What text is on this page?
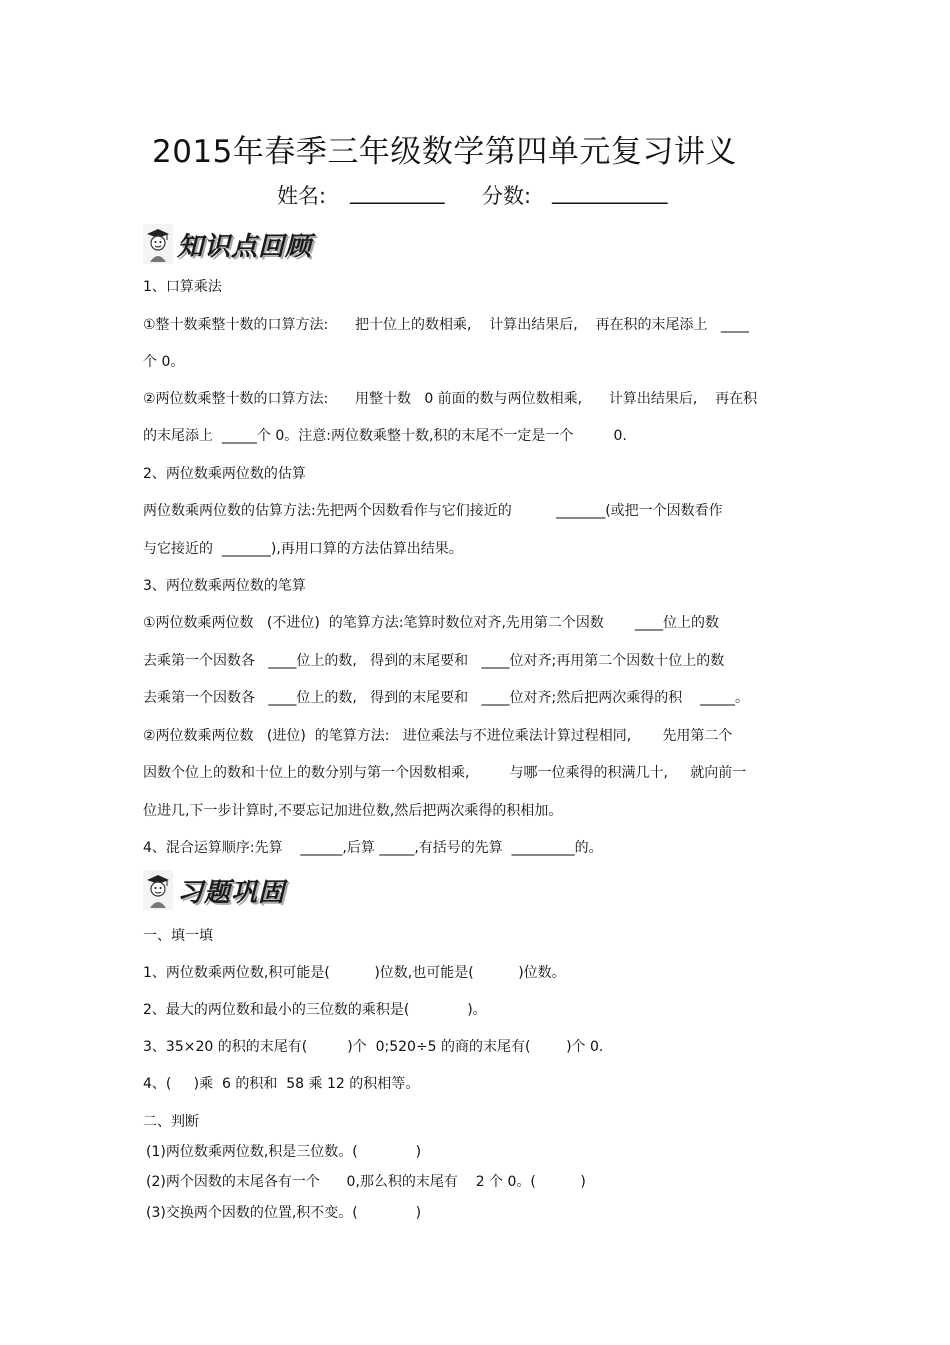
2015年春季三年级数学第四单元复习讲义
姓名: _________ 分数: ___________
知识点回顾
1、口算乘法
①整十数乘整十数的口算方法:      把十位上的数相乘,    计算出结果后,    再在积的末尾添上   ____
个 0。
②两位数乘整十数的口算方法:      用整十数   0 前面的数与两位数相乘,      计算出结果后,    再在积
的末尾添上  _____个 0。注意:两位数乘整十数,积的末尾不一定是一个         0.
2、两位数乘两位数的估算
两位数乘两位数的估算方法:先把两个因数看作与它们接近的          _______(或把一个因数看作
与它接近的  _______),再用口算的方法估算出结果。
3、两位数乘两位数的笔算
①两位数乘两位数   (不进位)  的笔算方法:笔算时数位对齐,先用第二个因数       ____位上的数
去乘第一个因数各   ____位上的数,   得到的末尾要和   ____位对齐;再用第二个因数十位上的数
去乘第一个因数各   ____位上的数,   得到的末尾要和   ____位对齐;然后把两次乘得的积    _____。
②两位数乘两位数   (进位)  的笔算方法:   进位乘法与不进位乘法计算过程相同,       先用第二个
因数个位上的数和十位上的数分别与第一个因数相乘,         与哪一位乘得的积满几十,     就向前一
位进几,下一步计算时,不要忘记加进位数,然后把两次乘得的积相加。
4、混合运算顺序:先算    ______,后算 _____,有括号的先算  _________的。
习题巩固
一、填一填
1、两位数乘两位数,积可能是(          )位数,也可能是(          )位数。
2、最大的两位数和最小的三位数的乘积是(             )。
3、35×20 的积的末尾有(         )个  0;520÷5 的商的末尾有(        )个 0.
4、(     )乘  6 的积和  58 乘 12 的积相等。
二、判断
(1)两位数乘两位数,积是三位数。(             )
(2)两个因数的末尾各有一个      0,那么积的末尾有    2 个 0。(          )
(3)交换两个因数的位置,积不变。(             )
